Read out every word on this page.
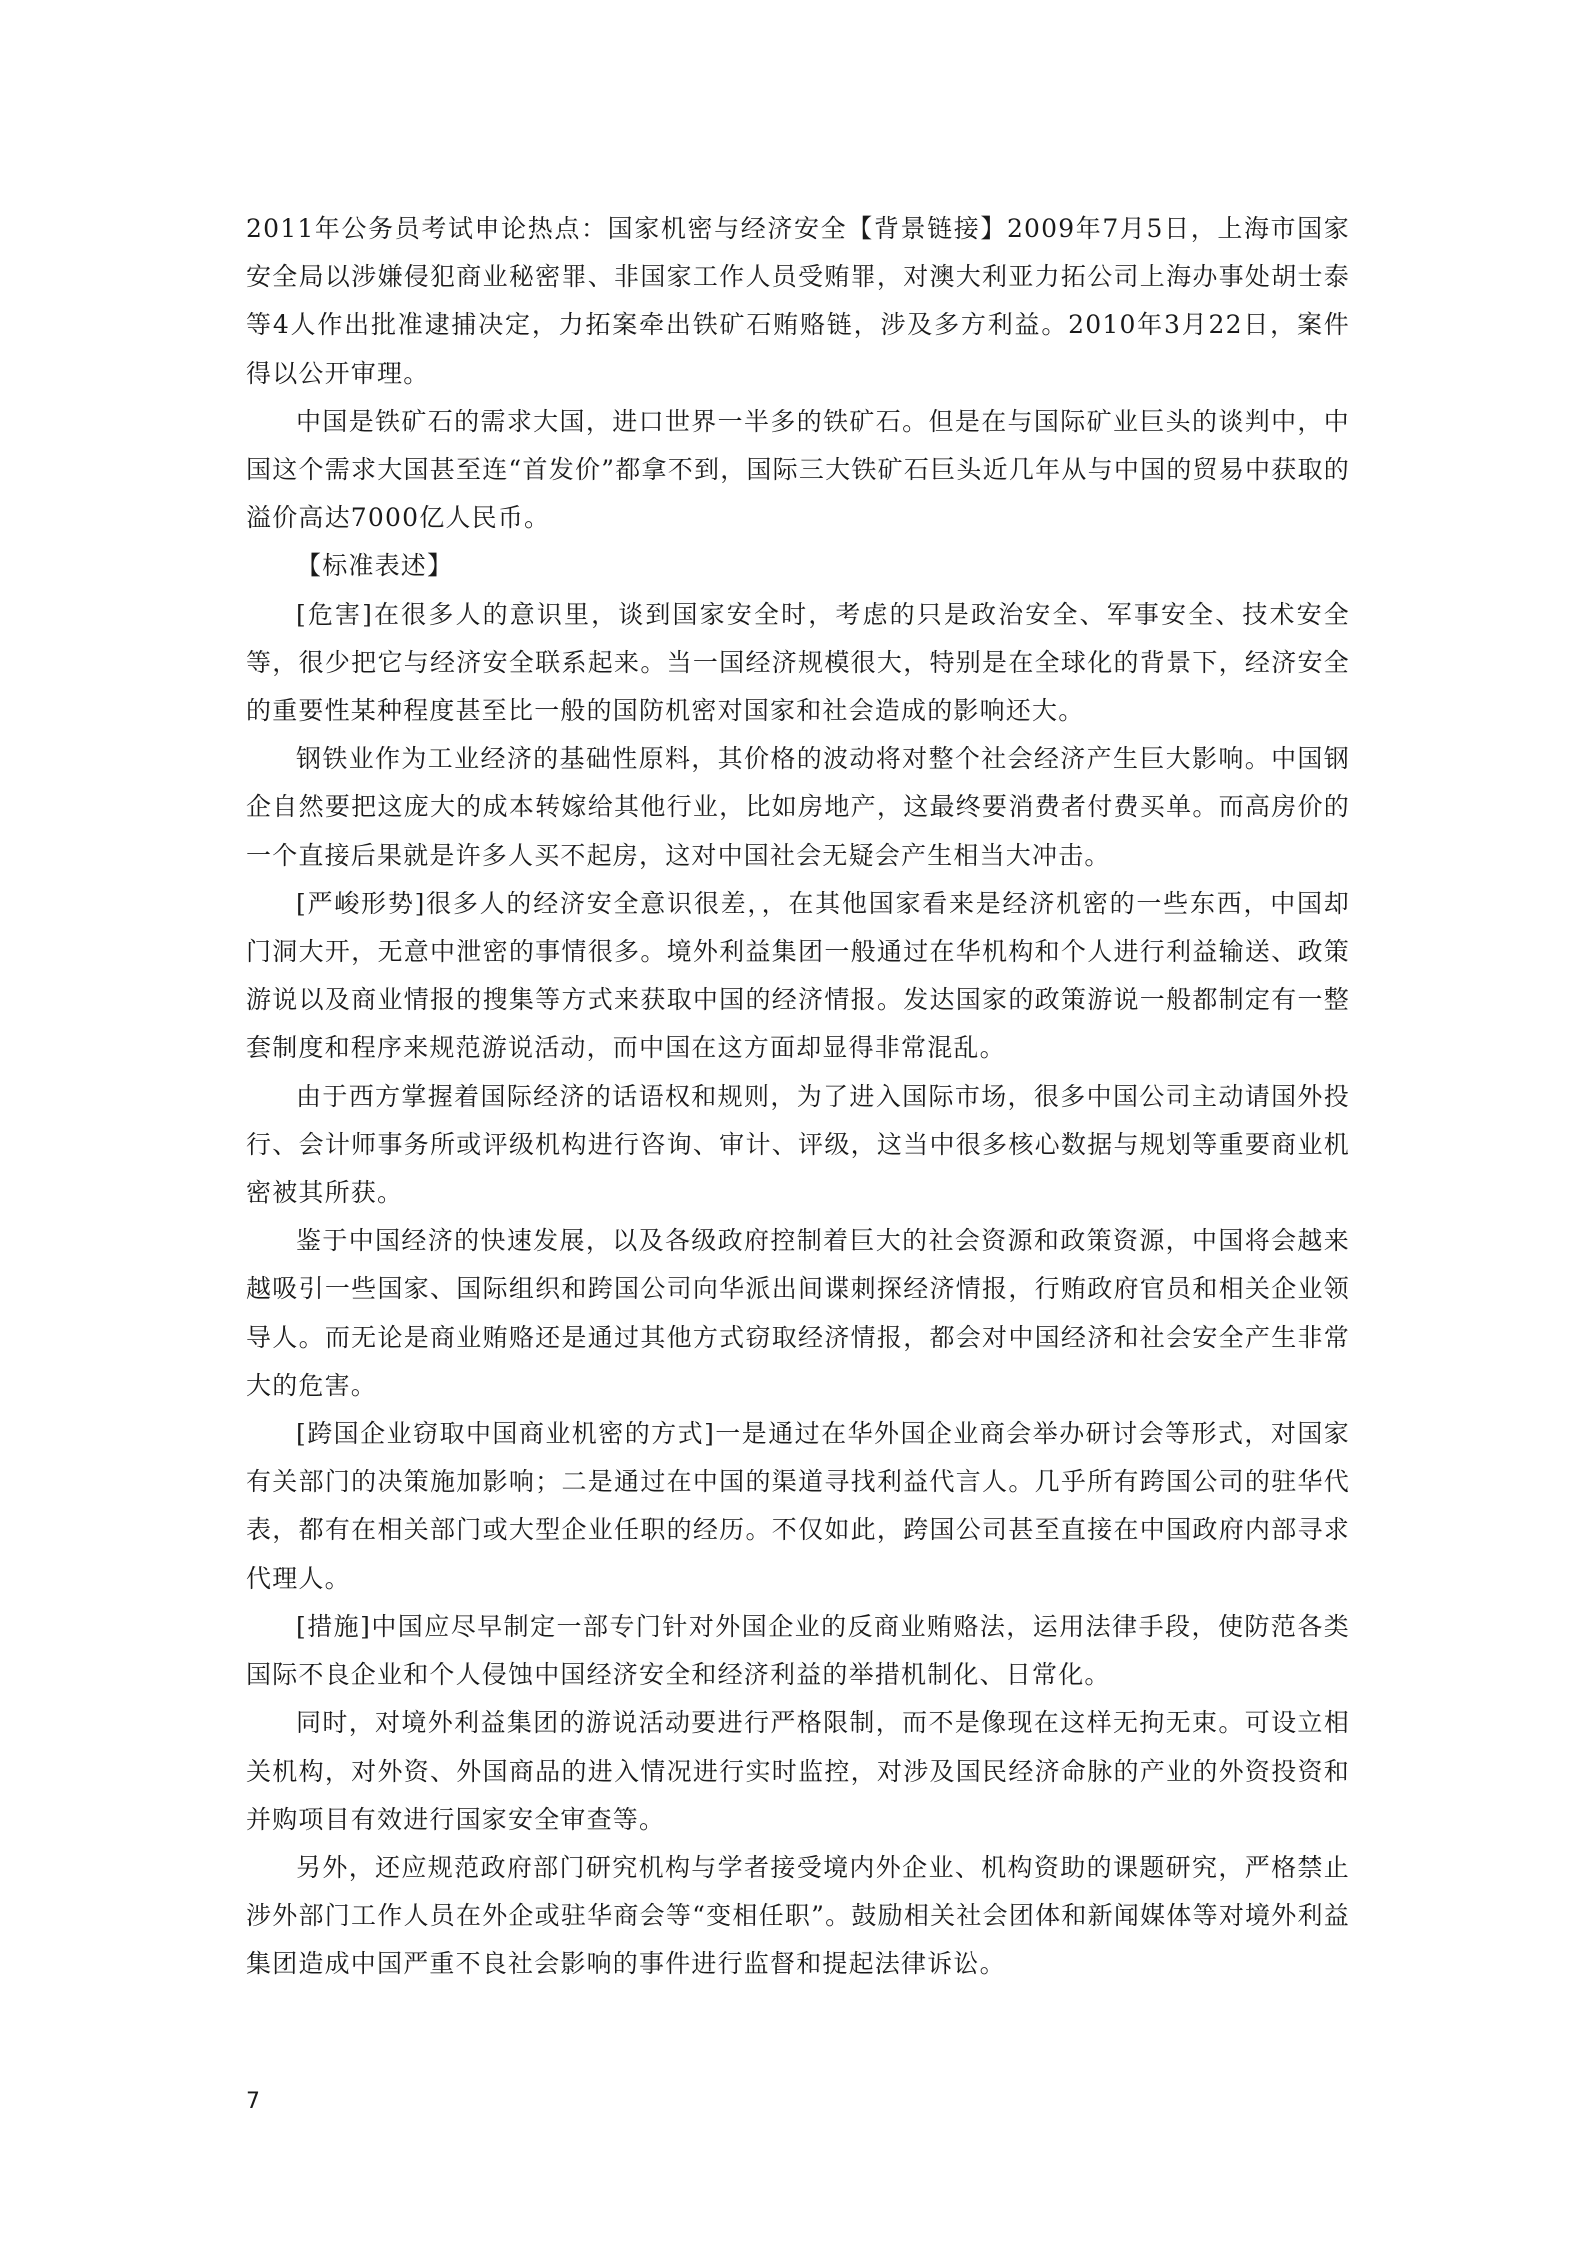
2011年公务员考试申论热点：国家机密与经济安全【背景链接】2009年7月5日，上海市国家安全局以涉嫌侵犯商业秘密罪、非国家工作人员受贿罪，对澳大利亚力拓公司上海办事处胡士泰等4人作出批准逮捕决定，力拓案牵出铁矿石贿赂链，涉及多方利益。2010年3月22日，案件得以公开审理。

中国是铁矿石的需求大国，进口世界一半多的铁矿石。但是在与国际矿业巨头的谈判中，中国这个需求大国甚至连“首发价”都拿不到，国际三大铁矿石巨头近几年从与中国的贸易中获取的溢价高达7000亿人民币。

【标准表述】

[危害]在很多人的意识里，谈到国家安全时，考虑的只是政治安全、军事安全、技术安全等，很少把它与经济安全联系起来。当一国经济规模很大，特别是在全球化的背景下，经济安全的重要性某种程度甚至比一般的国防机密对国家和社会造成的影响还大。

钢铁业作为工业经济的基础性原料，其价格的波动将对整个社会经济产生巨大影响。中国钢企自然要把这庞大的成本转嫁给其他行业，比如房地产，这最终要消费者付费买单。而高房价的一个直接后果就是许多人买不起房，这对中国社会无疑会产生相当大冲击。

[严峻形势]很多人的经济安全意识很差，，在其他国家看来是经济机密的一些东西，中国却门洞大开，无意中泄密的事情很多。境外利益集团一般通过在华机构和个人进行利益输送、政策游说以及商业情报的搜集等方式来获取中国的经济情报。发达国家的政策游说一般都制定有一整套制度和程序来规范游说活动，而中国在这方面却显得非常混乱。

由于西方掌握着国际经济的话语权和规则，为了进入国际市场，很多中国公司主动请国外投行、会计师事务所或评级机构进行咨询、审计、评级，这当中很多核心数据与规划等重要商业机密被其所获。

鉴于中国经济的快速发展，以及各级政府控制着巨大的社会资源和政策资源，中国将会越来越吸引一些国家、国际组织和跨国公司向华派出间谍刺探经济情报，行贿政府官员和相关企业领导人。而无论是商业贿赂还是通过其他方式窃取经济情报，都会对中国经济和社会安全产生非常大的危害。

[跨国企业窃取中国商业机密的方式]一是通过在华外国企业商会举办研讨会等形式，对国家有关部门的决策施加影响；二是通过在中国的渠道寻找利益代言人。几乎所有跨国公司的驻华代表，都有在相关部门或大型企业任职的经历。不仅如此，跨国公司甚至直接在中国政府内部寻求代理人。

[措施]中国应尽早制定一部专门针对外国企业的反商业贿赂法，运用法律手段，使防范各类国际不良企业和个人侵蚀中国经济安全和经济利益的举措机制化、日常化。

同时，对境外利益集团的游说活动要进行严格限制，而不是像现在这样无拘无束。可设立相关机构，对外资、外国商品的进入情况进行实时监控，对涉及国民经济命脉的产业的外资投资和并购项目有效进行国家安全审查等。

另外，还应规范政府部门研究机构与学者接受境内外企业、机构资助的课题研究，严格禁止涉外部门工作人员在外企或驻华商会等“变相任职”。鼓励相关社会团体和新闻媒体等对境外利益集团造成中国严重不良社会影响的事件进行监督和提起法律诉讼。

7
